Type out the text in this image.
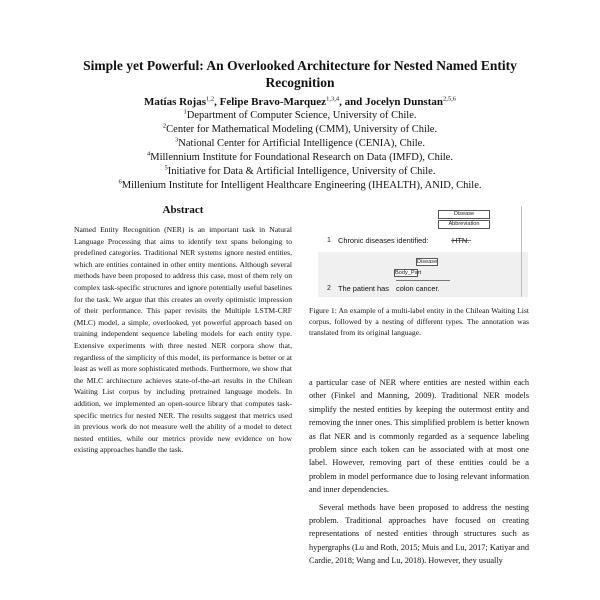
Simple yet Powerful: An Overlooked Architecture for Nested Named Entity
Recognition
Matías Rojas$^{1,2}$, Felipe Bravo-Marquez$^{1,3,4}$, and Jocelyn Dunstan$^{2,5,6}$
$^1$Department of Computer Science, University of Chile.
$^2$Center for Mathematical Modeling (CMM), University of Chile.
$^3$National Center for Artificial Intelligence (CENIA), Chile.
$^4$Millennium Institute for Foundational Research on Data (IMFD), Chile.
$^5$Initiative for Data & Artificial Intelligence, University of Chile.
$^6$Millenium Institute for Intelligent Healthcare Engineering (IHEALTH), ANID, Chile.
Abstract
Named Entity Recognition (NER) is an important task in Natural Language Processing that aims to identify text spans belonging to predefined categories. Traditional NER systems ignore nested entities, which are entities contained in other entity mentions. Although several methods have been proposed to address this case, most of them rely on complex task-specific structures and ignore potentially useful baselines for the task. We argue that this creates an overly optimistic impression of their performance. This paper revisits the Multiple LSTM-CRF (MLC) model, a simple, overlooked, yet powerful approach based on training independent sequence labeling models for each entity type. Extensive experiments with three nested NER corpora show that, regardless of the simplicity of this model, its performance is better or at least as well as more sophisticated methods. Furthermore, we show that the MLC architecture achieves state-of-the-art results in the Chilean Waiting List corpus by including pretrained language models. In addition, we implemented an open-source library that computes task-specific metrics for nested NER. The results suggest that metrics used in previous work do not measure well the ability of a model to detect nested entities, while our metrics provide new evidence on how existing approaches handle the task.
Disease
Abbreviation
1 Chronic diseases identified:	HTN.
Disease
Body_Part
2 The patient has colon cancer.
Figure 1: An example of a multi-label entity in the Chilean Waiting List corpus, followed by a nesting of different types. The annotation was translated from its original language.

a particular case of NER where entities are nested within each other (Finkel and Manning, 2009). Traditional NER models simplify the nested entities by keeping the outermost entity and removing the inner ones. This simplified problem is better known as flat NER and is commonly regarded as a sequence labeling problem since each token can be associated with at most one label. However, removing part of these entities could be a problem in model performance due to losing relevant information and inner dependencies.

Several methods have been proposed to address the nesting problem. Traditional approaches have focused on creating representations of nested entities through structures such as hypergraphs (Lu and Roth, 2015; Muis and Lu, 2017; Katiyar and Cardie, 2018; Wang and Lu, 2018). However, they usually
